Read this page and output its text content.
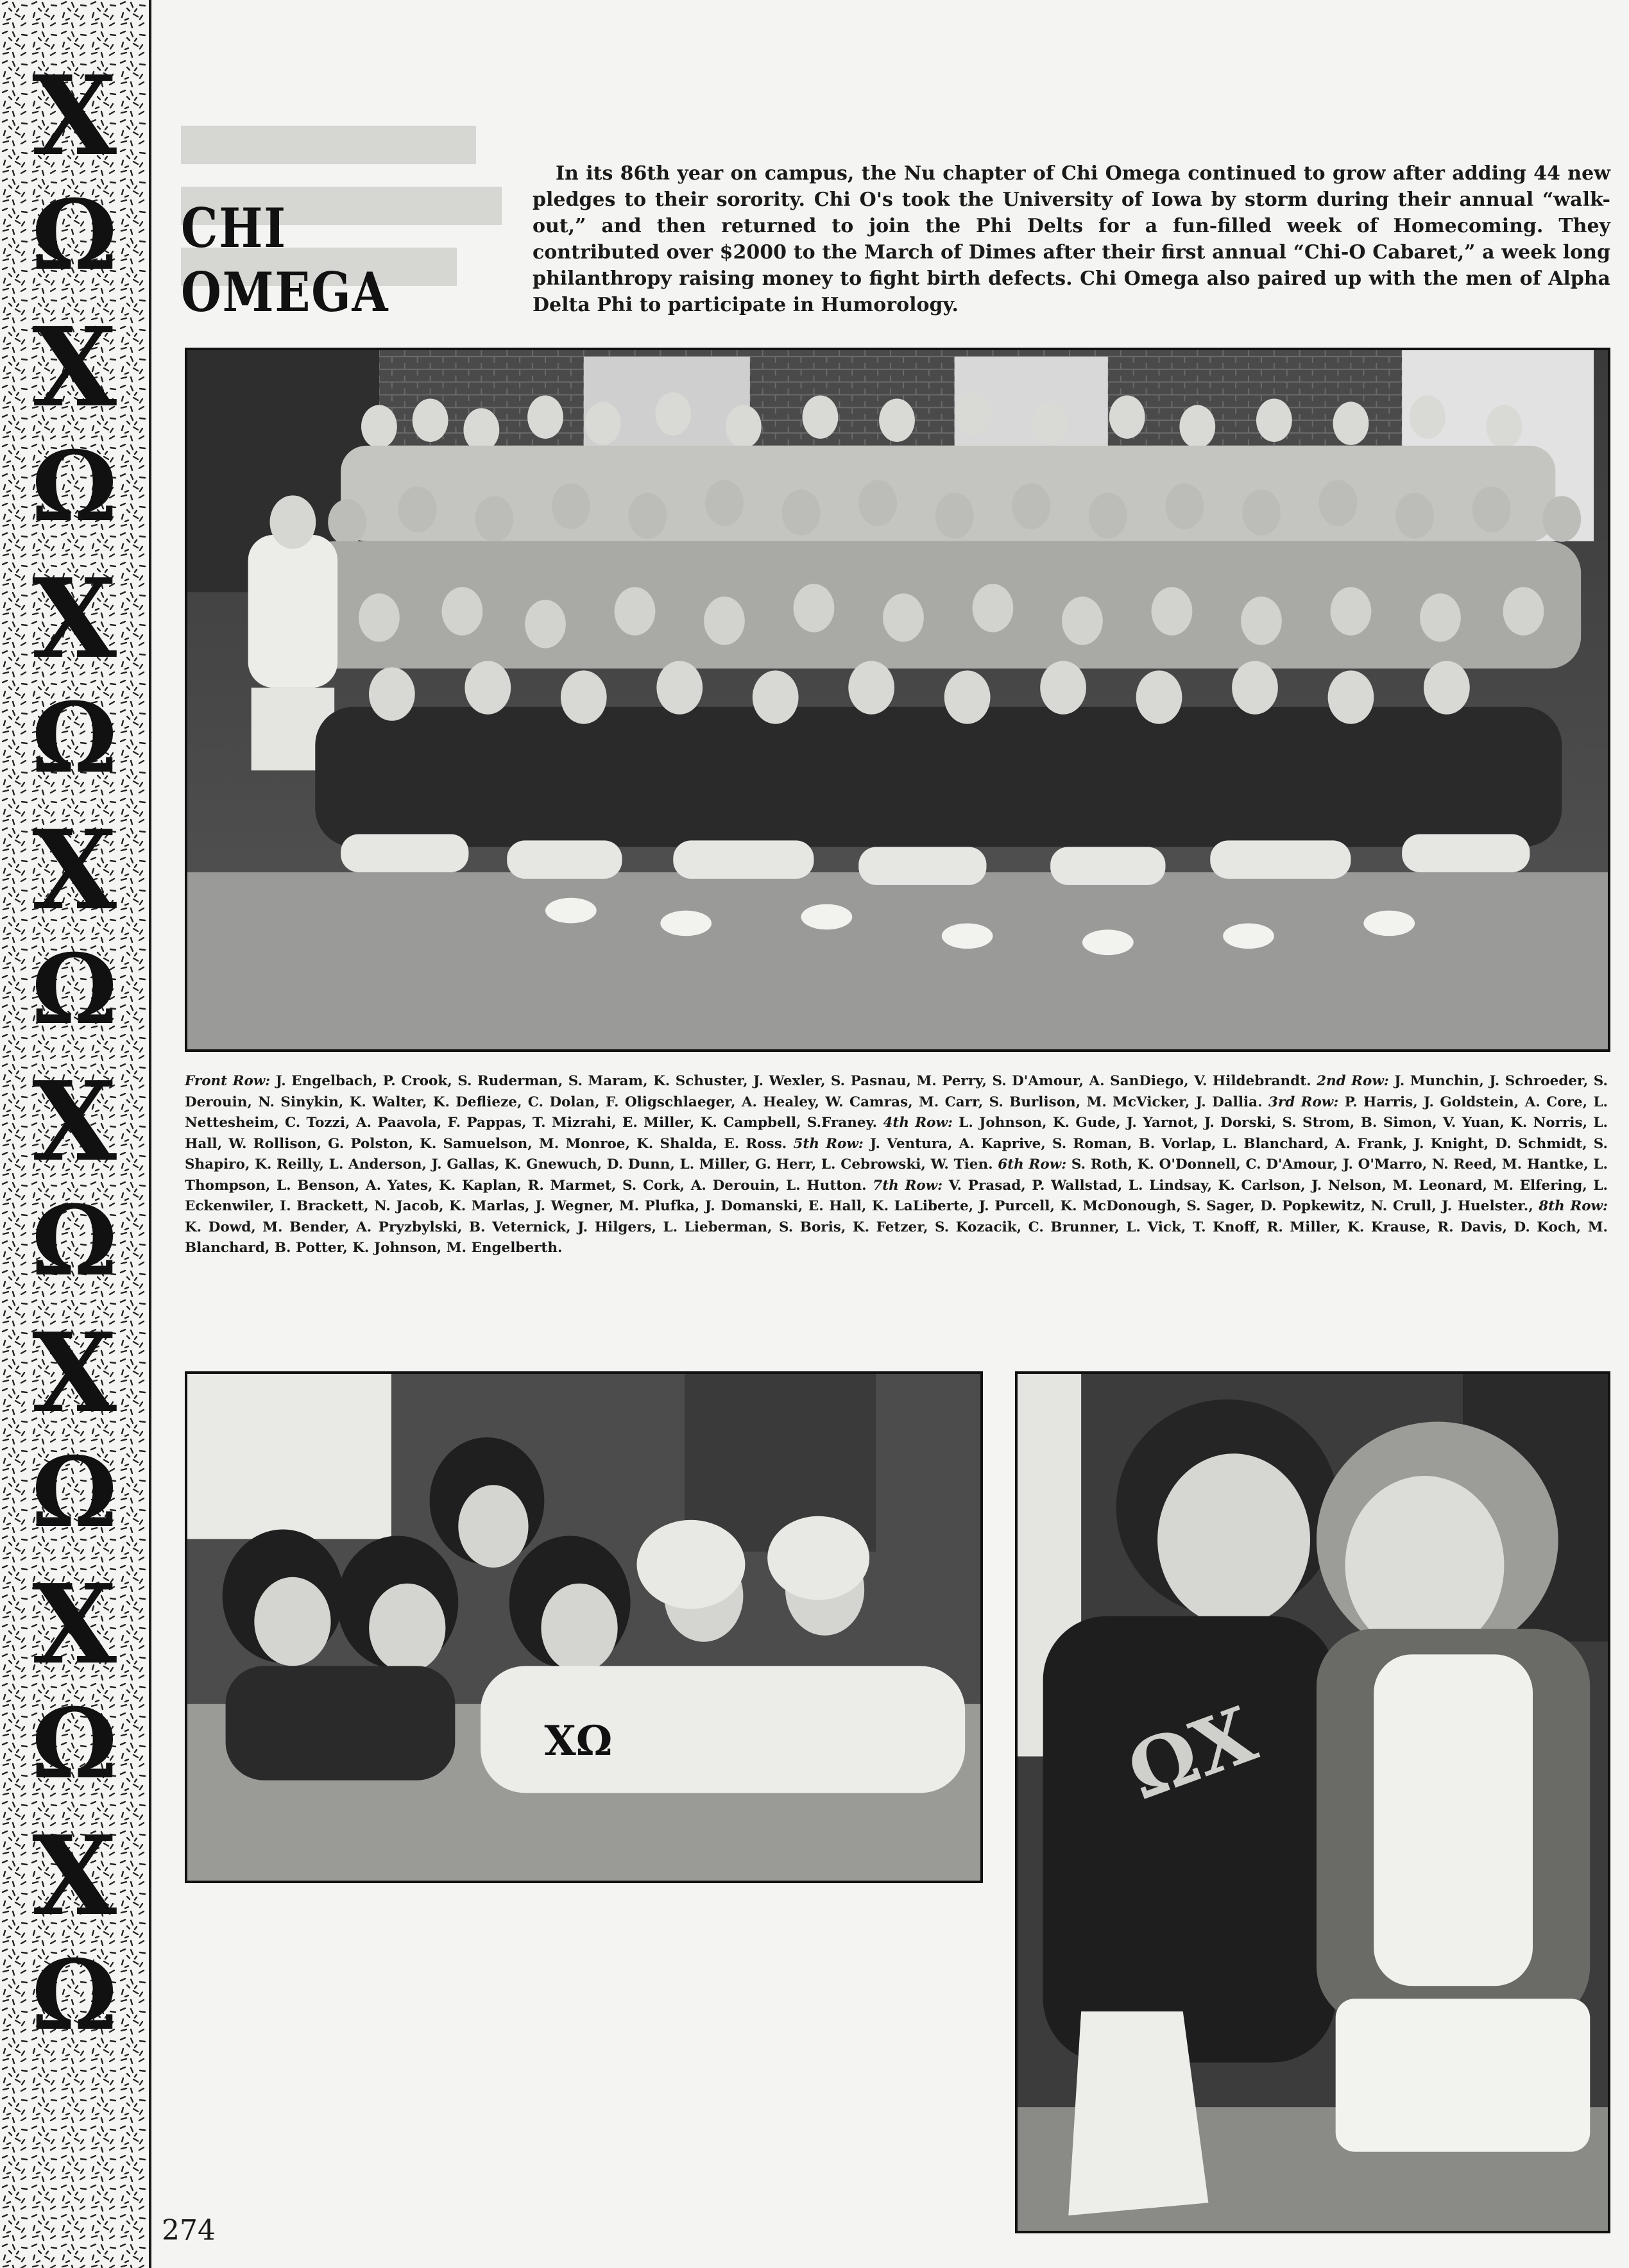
Χ
Ω
Χ
Ω
Χ
Ω
Χ
Ω
Χ
Ω
Χ
Ω
Χ
Ω
Χ
Ω
CHI
OMEGA
In its 86th year on campus, the Nu chapter of Chi Omega continued to grow after adding 44 new pledges to their sorority. Chi O's took the University of Iowa by storm during their annual “walk-out,” and then returned to join the Phi Delts for a fun-filled week of Homecoming. They contributed over $2000 to the March of Dimes after their first annual “Chi-O Cabaret,” a week long philanthropy raising money to fight birth defects. Chi Omega also paired up with the men of Alpha Delta Phi to participate in Humorology.
Front Row: J. Engelbach, P. Crook, S. Ruderman, S. Maram, K. Schuster, J. Wexler, S. Pasnau, M. Perry, S. D'Amour, A. SanDiego, V. Hildebrandt. 2nd Row: J. Munchin, J. Schroeder, S. Derouin, N. Sinykin, K. Walter, K. Deflieze, C. Dolan, F. Oligschlaeger, A. Healey, W. Camras, M. Carr, S. Burlison, M. McVicker, J. Dallia. 3rd Row: P. Harris, J. Goldstein, A. Core, L. Nettesheim, C. Tozzi, A. Paavola, F. Pappas, T. Mizrahi, E. Miller, K. Campbell, S.Franey. 4th Row: L. Johnson, K. Gude, J. Yarnot, J. Dorski, S. Strom, B. Simon, V. Yuan, K. Norris, L. Hall, W. Rollison, G. Polston, K. Samuelson, M. Monroe, K. Shalda, E. Ross. 5th Row: J. Ventura, A. Kaprive, S. Roman, B. Vorlap, L. Blanchard, A. Frank, J. Knight, D. Schmidt, S. Shapiro, K. Reilly, L. Anderson, J. Gallas, K. Gnewuch, D. Dunn, L. Miller, G. Herr, L. Cebrowski, W. Tien. 6th Row: S. Roth, K. O'Donnell, C. D'Amour, J. O'Marro, N. Reed, M. Hantke, L. Thompson, L. Benson, A. Yates, K. Kaplan, R. Marmet, S. Cork, A. Derouin, L. Hutton. 7th Row: V. Prasad, P. Wallstad, L. Lindsay, K. Carlson, J. Nelson, M. Leonard, M. Elfering, L. Eckenwiler, I. Brackett, N. Jacob, K. Marlas, J. Wegner, M. Plufka, J. Domanski, E. Hall, K. LaLiberte, J. Purcell, K. McDonough, S. Sager, D. Popkewitz, N. Crull, J. Huelster., 8th Row: K. Dowd, M. Bender, A. Pryzbylski, B. Veternick, J. Hilgers, L. Lieberman, S. Boris, K. Fetzer, S. Kozacik, C. Brunner, L. Vick, T. Knoff, R. Miller, K. Krause, R. Davis, D. Koch, M. Blanchard, B. Potter, K. Johnson, M. Engelberth.
ΧΩ	ΩΧ
274
